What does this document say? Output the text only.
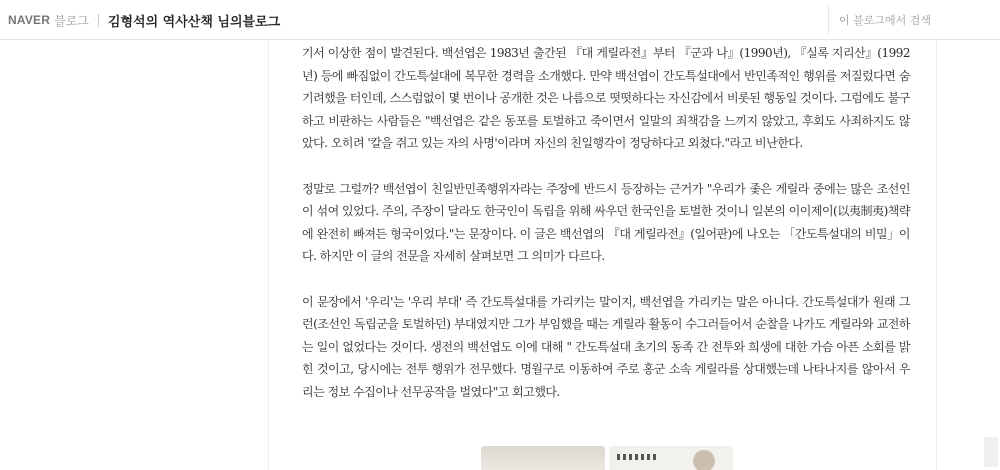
NAVER 블로그 김형석의 역사산책 님의블로그
이 블로그에서 검색

기서 이상한 점이 발견된다. 백선엽은 1983년 출간된 『대 게릴라전』부터 『군과 나』(1990년), 『실록 지리산』(1992년) 등에 빠짐없이 간도특설대에 복무한 경력을 소개했다. 만약 백선엽이 간도특설대에서 반민족적인 행위를 저질렀다면 숨기려했을 터인데, 스스럼없이 몇 번이나 공개한 것은 나름으로 떳떳하다는 자신감에서 비롯된 행동일 것이다. 그럼에도 불구하고 비판하는 사람들은 "백선엽은 같은 동포를 토벌하고 죽이면서 일말의 죄책감을 느끼지 않았고, 후회도 사죄하지도 않았다. 오히려 '칼을 쥐고 있는 자의 사명'이라며 자신의 친일행각이 정당하다고 외쳤다."라고 비난한다.

정말로 그럴까? 백선엽이 친일반민족행위자라는 주장에 반드시 등장하는 근거가 "우리가 좇은 게릴라 중에는 많은 조선인이 섞여 있었다. 주의, 주장이 달라도 한국인이 독립을 위해 싸우던 한국인을 토벌한 것이니 일본의 이이제이(以夷制夷)책략에 완전히 빠져든 형국이었다."는 문장이다. 이 글은 백선엽의 『대 게릴라전』(일어판)에 나오는 「간도특설대의 비밀」이다. 하지만 이 글의 전문을 자세히 살펴보면 그 의미가 다르다.

이 문장에서 '우리'는 '우리 부대' 즉 간도특설대를 가리키는 말이지, 백선엽을 가리키는 말은 아니다. 간도특설대가 원래 그런(조선인 독립군을 토벌하던) 부대였지만 그가 부임했을 때는 게릴라 활동이 수그러들어서 순찰을 나가도 게릴라와 교전하는 일이 없었다는 것이다. 생전의 백선엽도 이에 대해 " 간도특설대 초기의 동족 간 전투와 희생에 대한 가슴 아픈 소회를 밝힌 것이고, 당시에는 전투 행위가 전무했다. 명월구로 이동하여 주로 홍군 소속 게릴라를 상대했는데 나타나지를 않아서 우리는 정보 수집이나 선무공작을 벌였다"고 회고했다.
